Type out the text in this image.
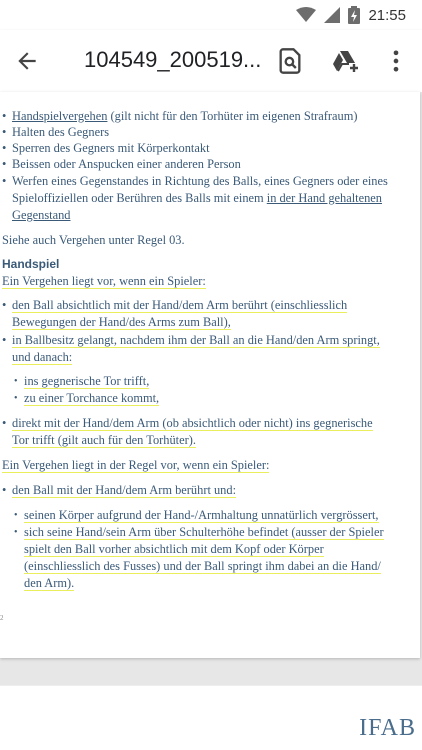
21:55
104549_200519...
• Handspielvergehen (gilt nicht für den Torhüter im eigenen Strafraum)
• Halten des Gegners
• Sperren des Gegners mit Körperkontakt
• Beissen oder Anspucken einer anderen Person
• Werfen eines Gegenstandes in Richtung des Balls, eines Gegners oder eines
Spieloffiziellen oder Berühren des Balls mit einem in der Hand gehaltenen
Gegenstand
Siehe auch Vergehen unter Regel 03.
Handspiel
Ein Vergehen liegt vor, wenn ein Spieler:
• den Ball absichtlich mit der Hand/dem Arm berührt (einschliesslich
Bewegungen der Hand/des Arms zum Ball),
• in Ballbesitz gelangt, nachdem ihm der Ball an die Hand/den Arm springt,
und danach:
• ins gegnerische Tor trifft,
• zu einer Torchance kommt,
• direkt mit der Hand/dem Arm (ob absichtlich oder nicht) ins gegnerische
Tor trifft (gilt auch für den Torhüter).
Ein Vergehen liegt in der Regel vor, wenn ein Spieler:
• den Ball mit der Hand/dem Arm berührt und:
• seinen Körper aufgrund der Hand-/Armhaltung unnatürlich vergrössert,
• sich seine Hand/sein Arm über Schulterhöhe befindet (ausser der Spieler
spielt den Ball vorher absichtlich mit dem Kopf oder Körper
(einschliesslich des Fusses) und der Ball springt ihm dabei an die Hand/
den Arm).
2
IFAB
